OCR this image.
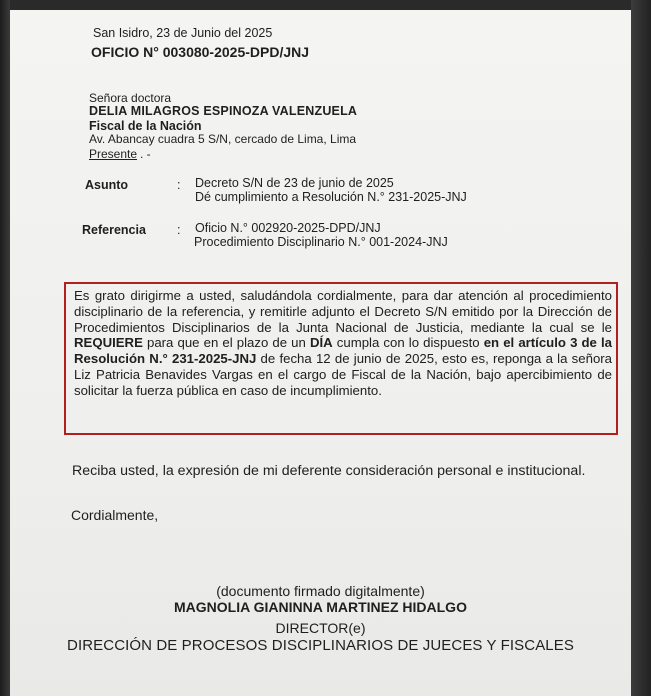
San Isidro, 23 de Junio del 2025
OFICIO N° 003080-2025-DPD/JNJ
Señora doctora
DELIA MILAGROS ESPINOZA VALENZUELA
Fiscal de la Nación
Av. Abancay cuadra 5 S/N, cercado de Lima, Lima
Presente . -
Asunto	: Decreto S/N de 23 de junio de 2025
Dé cumplimiento a Resolución N.° 231-2025-JNJ
Referencia : Oficio N.° 002920-2025-DPD/JNJ
Procedimiento Disciplinario N.° 001-2024-JNJ
Es grato dirigirme a usted, saludándola cordialmente, para dar atención al procedimiento disciplinario de la referencia, y remitirle adjunto el Decreto S/N emitido por la Dirección de Procedimientos Disciplinarios de la Junta Nacional de Justicia, mediante la cual se le REQUIERE para que en el plazo de un DÍA cumpla con lo dispuesto en el artículo 3 de la Resolución N.° 231-2025-JNJ de fecha 12 de junio de 2025, esto es, reponga a la señora Liz Patricia Benavides Vargas en el cargo de Fiscal de la Nación, bajo apercibimiento de solicitar la fuerza pública en caso de incumplimiento.
Reciba usted, la expresión de mi deferente consideración personal e institucional.
Cordialmente,
(documento firmado digitalmente)
MAGNOLIA GIANINNA MARTINEZ HIDALGO
DIRECTOR(e)
DIRECCIÓN DE PROCESOS DISCIPLINARIOS DE JUECES Y FISCALES
